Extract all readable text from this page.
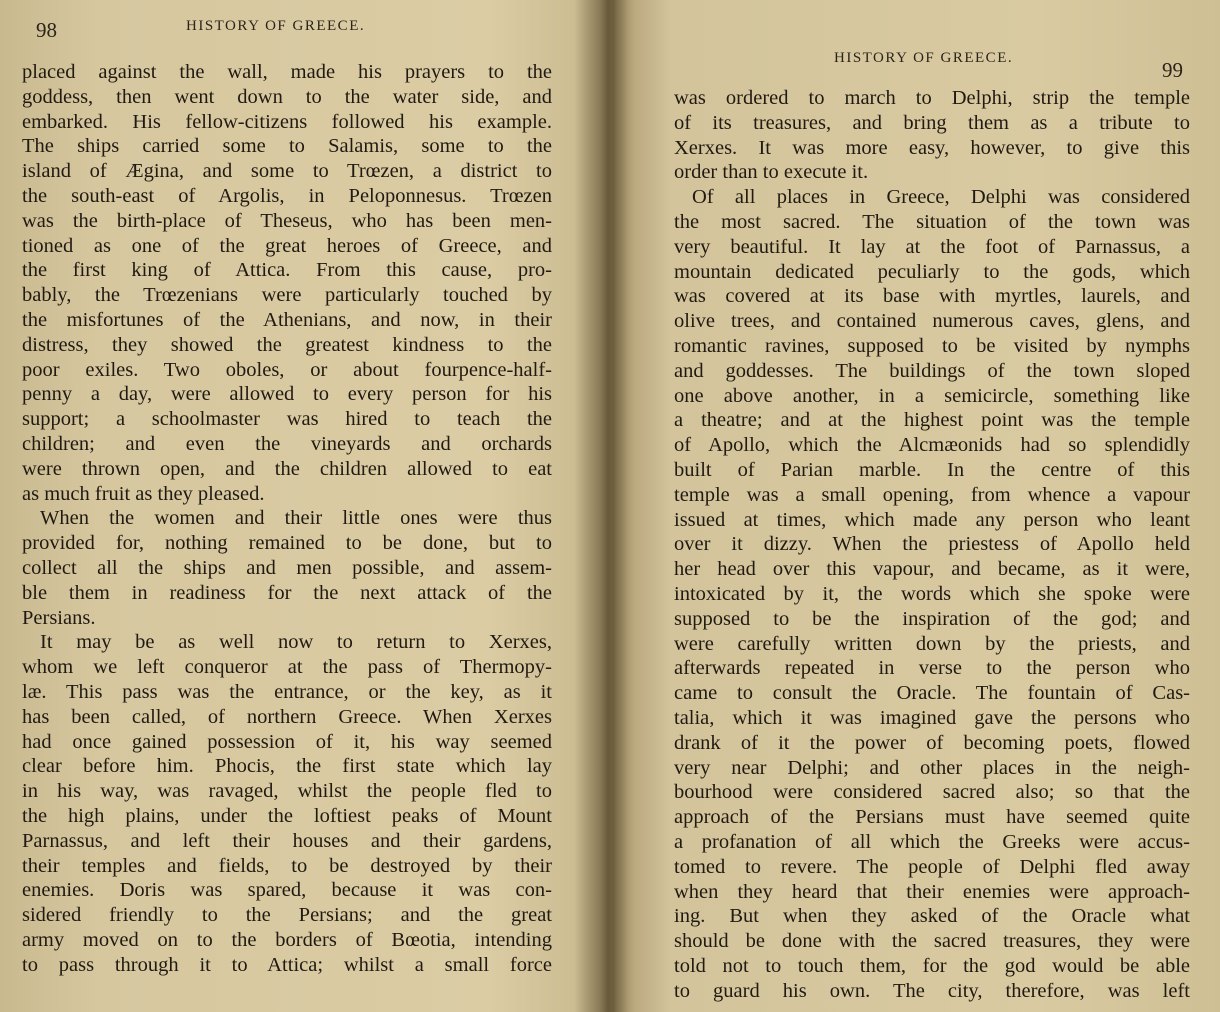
98	HISTORY OF GREECE.
placed against the wall, made his prayers to the
goddess, then went down to the water side, and
embarked. His fellow-citizens followed his example.
The ships carried some to Salamis, some to the
island of Ægina, and some to Trœzen, a district to
the south-east of Argolis, in Peloponnesus. Trœzen
was the birth-place of Theseus, who has been men-
tioned as one of the great heroes of Greece, and
the first king of Attica. From this cause, pro-
bably, the Trœzenians were particularly touched by
the misfortunes of the Athenians, and now, in their
distress, they showed the greatest kindness to the
poor exiles. Two oboles, or about fourpence-half-
penny a day, were allowed to every person for his
support; a schoolmaster was hired to teach the
children; and even the vineyards and orchards
were thrown open, and the children allowed to eat
as much fruit as they pleased.
When the women and their little ones were thus
provided for, nothing remained to be done, but to
collect all the ships and men possible, and assem-
ble them in readiness for the next attack of the
Persians.
It may be as well now to return to Xerxes,
whom we left conqueror at the pass of Thermopy-
læ. This pass was the entrance, or the key, as it
has been called, of northern Greece. When Xerxes
had once gained possession of it, his way seemed
clear before him. Phocis, the first state which lay
in his way, was ravaged, whilst the people fled to
the high plains, under the loftiest peaks of Mount
Parnassus, and left their houses and their gardens,
their temples and fields, to be destroyed by their
enemies. Doris was spared, because it was con-
sidered friendly to the Persians; and the great
army moved on to the borders of Bœotia, intending
to pass through it to Attica; whilst a small force
HISTORY OF GREECE.	99
was ordered to march to Delphi, strip the temple
of its treasures, and bring them as a tribute to
Xerxes. It was more easy, however, to give this
order than to execute it.
Of all places in Greece, Delphi was considered
the most sacred. The situation of the town was
very beautiful. It lay at the foot of Parnassus, a
mountain dedicated peculiarly to the gods, which
was covered at its base with myrtles, laurels, and
olive trees, and contained numerous caves, glens, and
romantic ravines, supposed to be visited by nymphs
and goddesses. The buildings of the town sloped
one above another, in a semicircle, something like
a theatre; and at the highest point was the temple
of Apollo, which the Alcmæonids had so splendidly
built of Parian marble. In the centre of this
temple was a small opening, from whence a vapour
issued at times, which made any person who leant
over it dizzy. When the priestess of Apollo held
her head over this vapour, and became, as it were,
intoxicated by it, the words which she spoke were
supposed to be the inspiration of the god; and
were carefully written down by the priests, and
afterwards repeated in verse to the person who
came to consult the Oracle. The fountain of Cas-
talia, which it was imagined gave the persons who
drank of it the power of becoming poets, flowed
very near Delphi; and other places in the neigh-
bourhood were considered sacred also; so that the
approach of the Persians must have seemed quite
a profanation of all which the Greeks were accus-
tomed to revere. The people of Delphi fled away
when they heard that their enemies were approach-
ing. But when they asked of the Oracle what
should be done with the sacred treasures, they were
told not to touch them, for the god would be able
to guard his own. The city, therefore, was left
